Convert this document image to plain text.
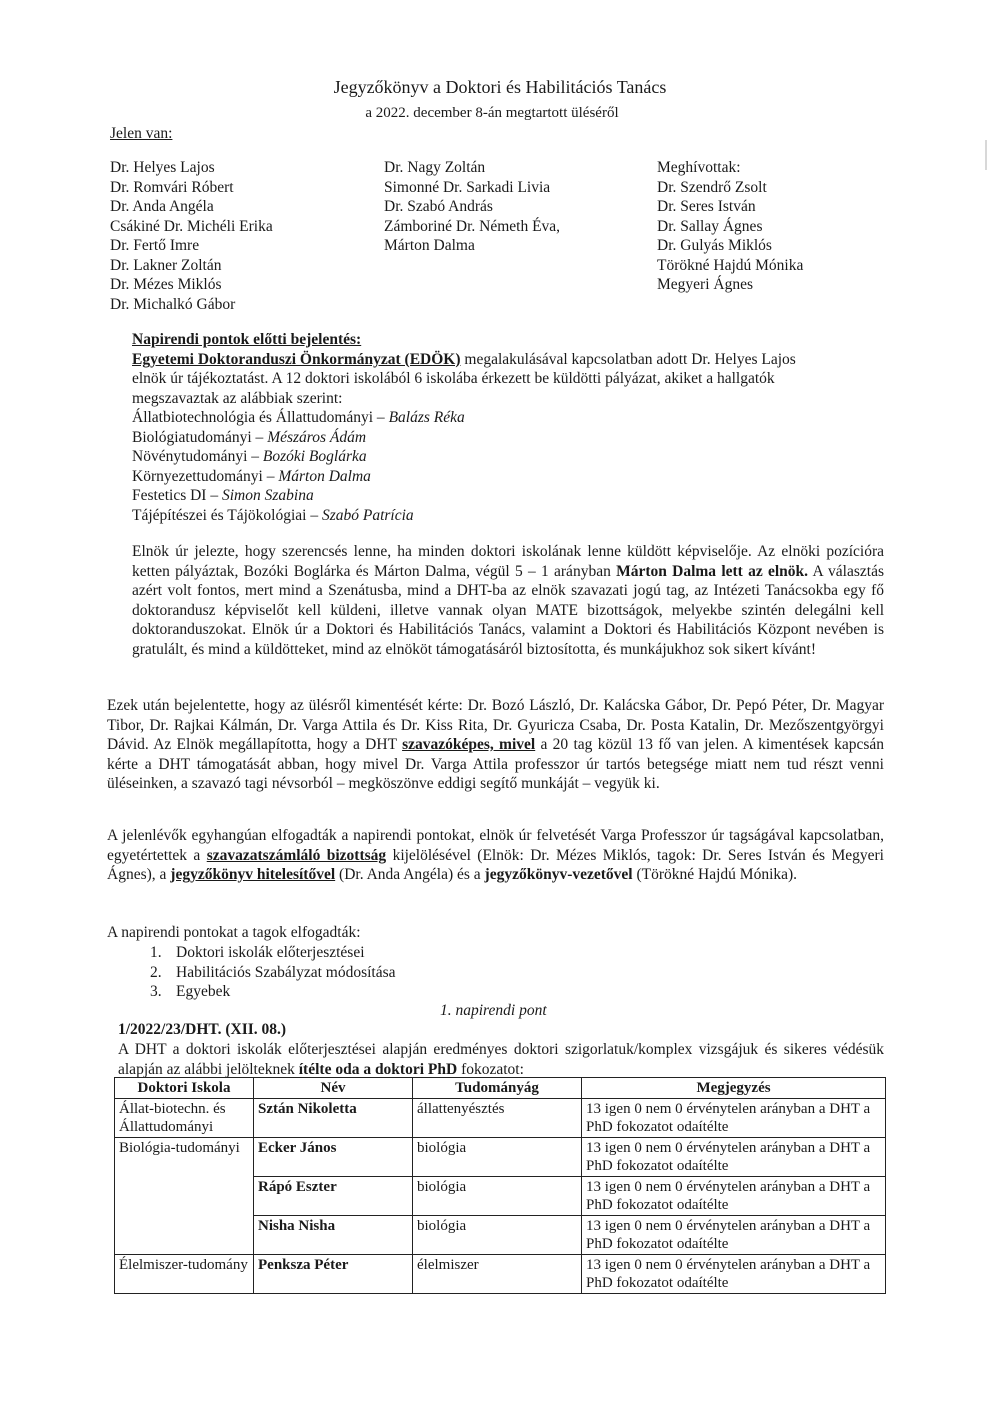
Jegyzőkönyv a Doktori és Habilitációs Tanács
a 2022. december 8-án megtartott üléséről
Jelen van:
Dr. Helyes Lajos
Dr. Romvári Róbert
Dr. Anda Angéla
Csákiné Dr. Michéli Erika
Dr. Fertő Imre
Dr. Lakner Zoltán
Dr. Mézes Miklós
Dr. Michalkó Gábor
Dr. Nagy Zoltán
Simonné Dr. Sarkadi Livia
Dr. Szabó András
Zámboriné Dr. Németh Éva,
Márton Dalma
Meghívottak:
Dr. Szendrő Zsolt
Dr. Seres István
Dr. Sallay Ágnes
Dr. Gulyás Miklós
Törökné Hajdú Mónika
Megyeri Ágnes
Napirendi pontok előtti bejelentés:
Egyetemi Doktoranduszi Önkormányzat (EDÖK) megalakulásával kapcsolatban adott Dr. Helyes Lajos
elnök úr tájékoztatást. A 12 doktori iskolából 6 iskolába érkezett be küldötti pályázat, akiket a hallgatók
megszavaztak az alábbiak szerint:
Állatbiotechnológia és Állattudományi – Balázs Réka
Biológiatudományi – Mészáros Ádám
Növénytudományi – Bozóki Boglárka
Környezettudományi – Márton Dalma
Festetics DI – Simon Szabina
Tájépítészei és Tájökológiai – Szabó Patrícia
Elnök úr jelezte, hogy szerencsés lenne, ha minden doktori iskolának lenne küldött képviselője. Az elnöki pozícióra ketten pályáztak, Bozóki Boglárka és Márton Dalma, végül 5 – 1 arányban Márton Dalma lett az elnök. A választás azért volt fontos, mert mind a Szenátusba, mind a DHT-ba az elnök szavazati jogú tag, az Intézeti Tanácsokba egy fő doktorandusz képviselőt kell küldeni, illetve vannak olyan MATE bizottságok, melyekbe szintén delegálni kell doktoranduszokat. Elnök úr a Doktori és Habilitációs Tanács, valamint a Doktori és Habilitációs Központ nevében is gratulált, és mind a küldötteket, mind az elnököt támogatásáról biztosította, és munkájukhoz sok sikert kívánt!
Ezek után bejelentette, hogy az ülésről kimentését kérte: Dr. Bozó László, Dr. Kalácska Gábor, Dr. Pepó Péter, Dr. Magyar Tibor, Dr. Rajkai Kálmán, Dr. Varga Attila és Dr. Kiss Rita, Dr. Gyuricza Csaba, Dr. Posta Katalin, Dr. Mezőszentgyörgyi Dávid. Az Elnök megállapította, hogy a DHT szavazóképes, mivel a 20 tag közül 13 fő van jelen. A kimentések kapcsán kérte a DHT támogatását abban, hogy mivel Dr. Varga Attila professzor úr tartós betegsége miatt nem tud részt venni üléseinken, a szavazó tagi névsorból – megköszönve eddigi segítő munkáját – vegyük ki.
A jelenlévők egyhangúan elfogadták a napirendi pontokat, elnök úr felvetését Varga Professzor úr tagságával kapcsolatban, egyetértettek a szavazatszámláló bizottság kijelölésével (Elnök: Dr. Mézes Miklós, tagok: Dr. Seres István és Megyeri Ágnes), a jegyzőkönyv hitelesítővel (Dr. Anda Angéla) és a jegyzőkönyv-vezetővel (Törökné Hajdú Mónika).
A napirendi pontokat a tagok elfogadták:
1. Doktori iskolák előterjesztései
2. Habilitációs Szabályzat módosítása
3. Egyebek
1. napirendi pont
1/2022/23/DHT. (XII. 08.)
A DHT a doktori iskolák előterjesztései alapján eredményes doktori szigorlatuk/komplex vizsgájuk és sikeres védésük alapján az alábbi jelölteknek ítélte oda a doktori PhD fokozatot:
Doktori Iskola	Név	Tudományág	Megjegyzés
Állat-biotechn. és Állattudományi	Sztán Nikoletta	állattenyésztés	13 igen 0 nem 0 érvénytelen arányban a DHT a PhD fokozatot odaítélte
Biológia-tudományi	Ecker János	biológia	13 igen 0 nem 0 érvénytelen arányban a DHT a PhD fokozatot odaítélte
	Rápó Eszter	biológia	13 igen 0 nem 0 érvénytelen arányban a DHT a PhD fokozatot odaítélte
	Nisha Nisha	biológia	13 igen 0 nem 0 érvénytelen arányban a DHT a PhD fokozatot odaítélte
Élelmiszer-tudomány	Penksza Péter	élelmiszer	13 igen 0 nem 0 érvénytelen arányban a DHT a PhD fokozatot odaítélte
